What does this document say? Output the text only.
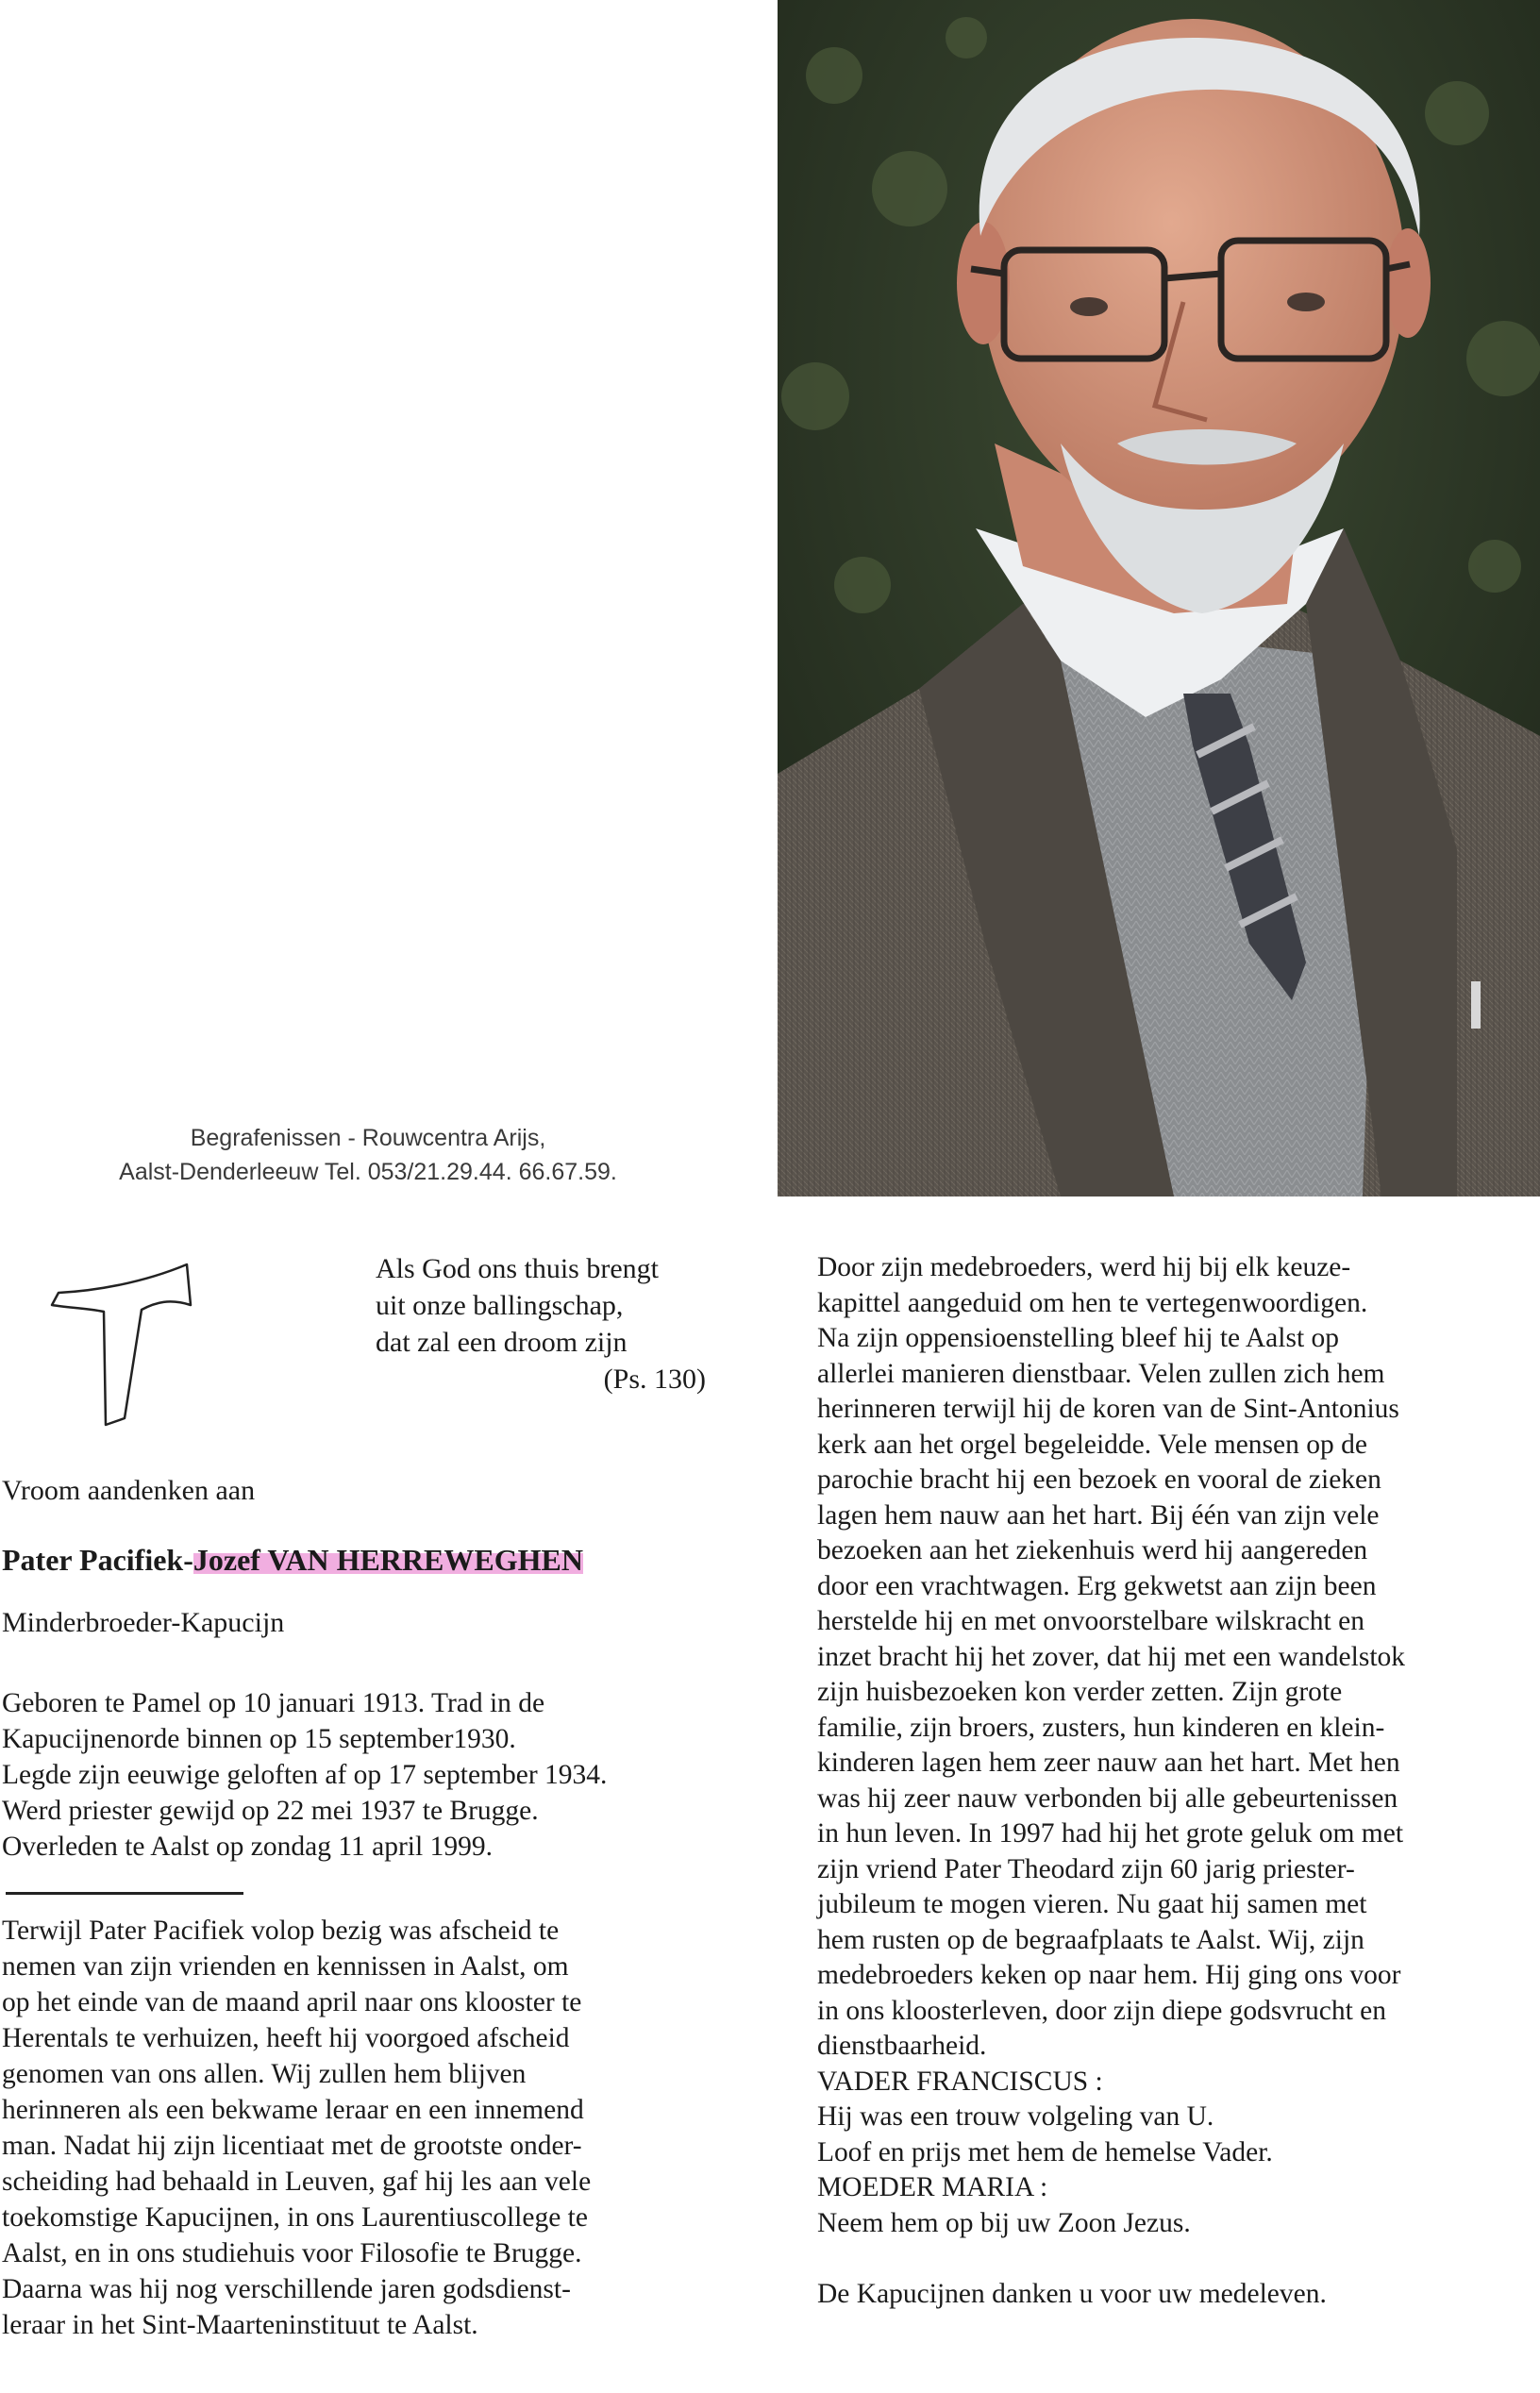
Begrafenissen - Rouwcentra Arijs,
Aalst-Denderleeuw Tel. 053/21.29.44. 66.67.59.
Als God ons thuis brengt
uit onze ballingschap,
dat zal een droom zijn
(Ps. 130)
Vroom aandenken aan
Pater Pacifiek-Jozef VAN HERREWEGHEN
Minderbroeder-Kapucijn
Geboren te Pamel op 10 januari 1913. Trad in de
Kapucijnenorde binnen op 15 september1930.
Legde zijn eeuwige geloften af op 17 september 1934.
Werd priester gewijd op 22 mei 1937 te Brugge.
Overleden te Aalst op zondag 11 april 1999.
Terwijl Pater Pacifiek volop bezig was afscheid te
nemen van zijn vrienden en kennissen in Aalst, om
op het einde van de maand april naar ons klooster te
Herentals te verhuizen, heeft hij voorgoed afscheid
genomen van ons allen. Wij zullen hem blijven
herinneren als een bekwame leraar en een innemend
man. Nadat hij zijn licentiaat met de grootste onder-
scheiding had behaald in Leuven, gaf hij les aan vele
toekomstige Kapucijnen, in ons Laurentiuscollege te
Aalst, en in ons studiehuis voor Filosofie te Brugge.
Daarna was hij nog verschillende jaren godsdienst-
leraar in het Sint-Maarteninstituut te Aalst.
Door zijn medebroeders, werd hij bij elk keuze-
kapittel aangeduid om hen te vertegenwoordigen.
Na zijn oppensioenstelling bleef hij te Aalst op
allerlei manieren dienstbaar. Velen zullen zich hem
herinneren terwijl hij de koren van de Sint-Antonius
kerk aan het orgel begeleidde. Vele mensen op de
parochie bracht hij een bezoek en vooral de zieken
lagen hem nauw aan het hart. Bij één van zijn vele
bezoeken aan het ziekenhuis werd hij aangereden
door een vrachtwagen. Erg gekwetst aan zijn been
herstelde hij en met onvoorstelbare wilskracht en
inzet bracht hij het zover, dat hij met een wandelstok
zijn huisbezoeken kon verder zetten. Zijn grote
familie, zijn broers, zusters, hun kinderen en klein-
kinderen lagen hem zeer nauw aan het hart. Met hen
was hij zeer nauw verbonden bij alle gebeurtenissen
in hun leven. In 1997 had hij het grote geluk om met
zijn vriend Pater Theodard zijn 60 jarig priester-
jubileum te mogen vieren. Nu gaat hij samen met
hem rusten op de begraafplaats te Aalst. Wij, zijn
medebroeders keken op naar hem. Hij ging ons voor
in ons kloosterleven, door zijn diepe godsvrucht en
dienstbaarheid.
VADER FRANCISCUS :
Hij was een trouw volgeling van U.
Loof en prijs met hem de hemelse Vader.
MOEDER MARIA :
Neem hem op bij uw Zoon Jezus.
De Kapucijnen danken u voor uw medeleven.
